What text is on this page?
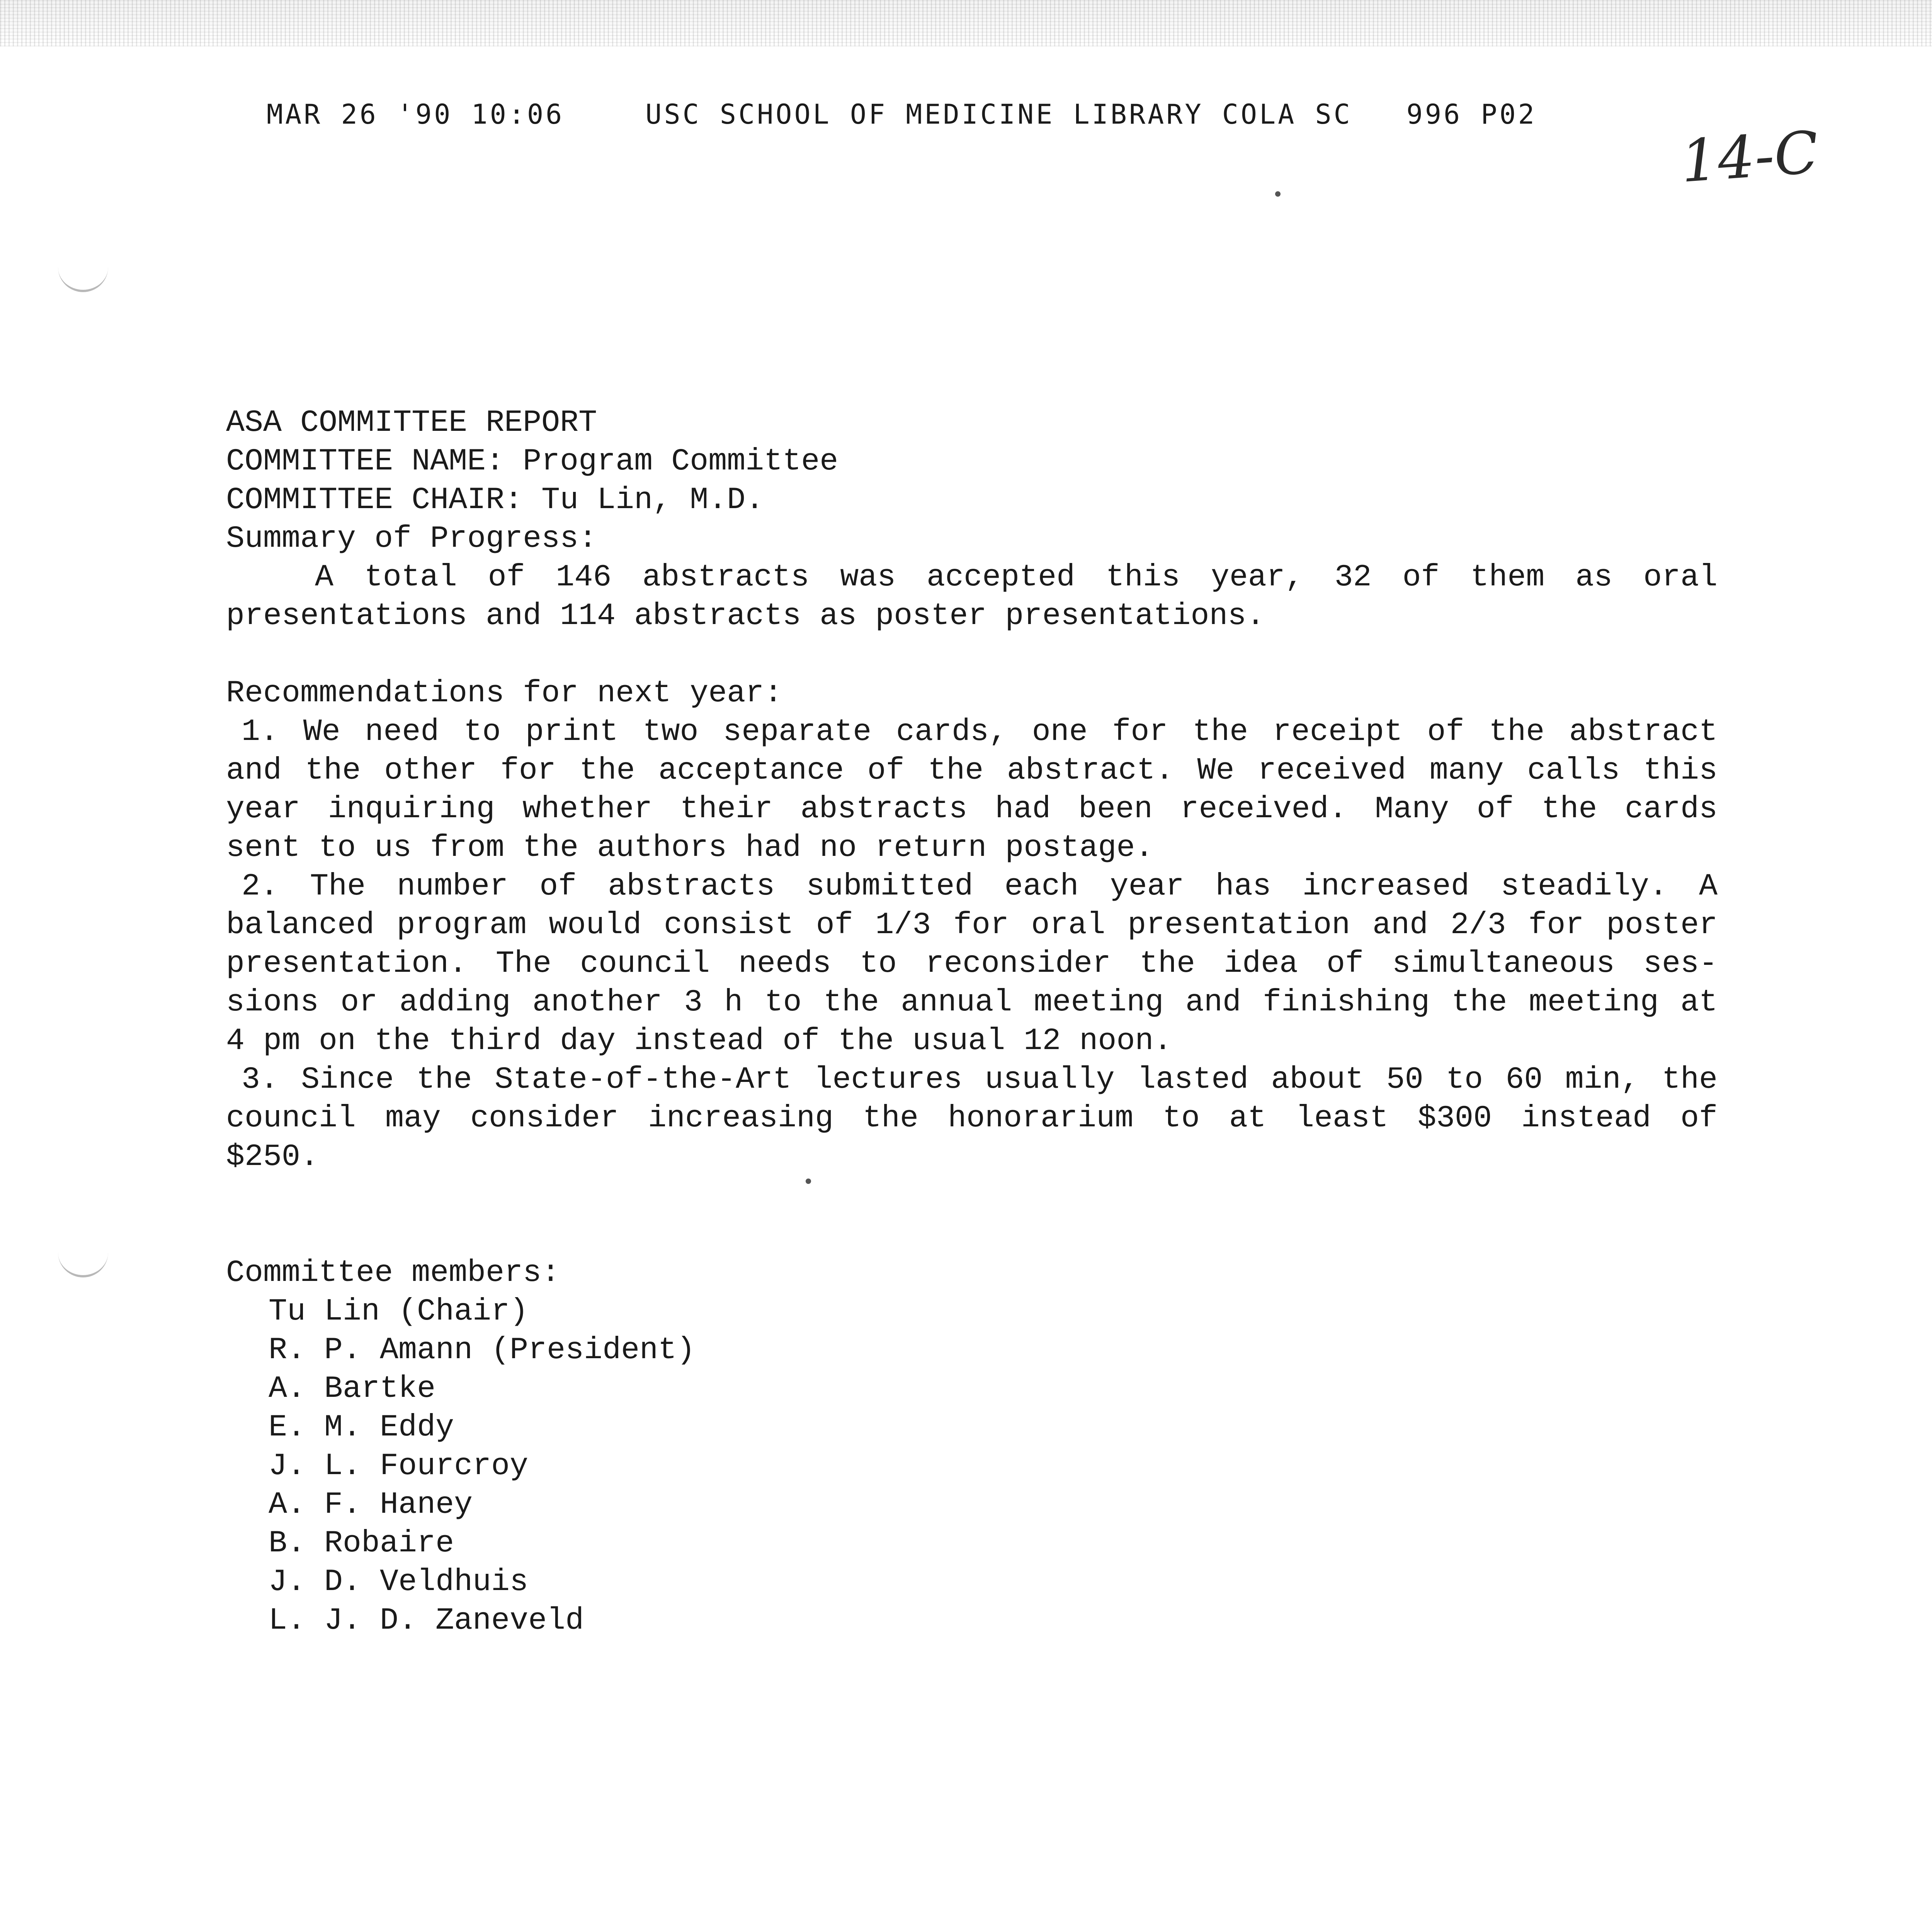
MAR 26 '90 10:06	USC SCHOOL OF MEDICINE LIBRARY COLA SC 996 P02
14-C
ASA COMMITTEE REPORT
COMMITTEE NAME: Program Committee
COMMITTEE CHAIR: Tu Lin, M.D.
Summary of Progress:
A total of 146 abstracts was accepted this year, 32 of them as oral
presentations and 114 abstracts as poster presentations.
Recommendations for next year:
1. We need to print two separate cards, one for the receipt of the abstract
and the other for the acceptance of the abstract. We received many calls this
year inquiring whether their abstracts had been received. Many of the cards
sent to us from the authors had no return postage.
2. The number of abstracts submitted each year has increased steadily. A
balanced program would consist of 1/3 for oral presentation and 2/3 for poster
presentation. The council needs to reconsider the idea of simultaneous ses-
sions or adding another 3 h to the annual meeting and finishing the meeting at
4 pm on the third day instead of the usual 12 noon.
3. Since the State-of-the-Art lectures usually lasted about 50 to 60 min, the
council may consider increasing the honorarium to at least $300 instead of
$250.
Committee members:
Tu Lin (Chair)
R. P. Amann (President)
A. Bartke
E. M. Eddy
J. L. Fourcroy
A. F. Haney
B. Robaire
J. D. Veldhuis
L. J. D. Zaneveld
